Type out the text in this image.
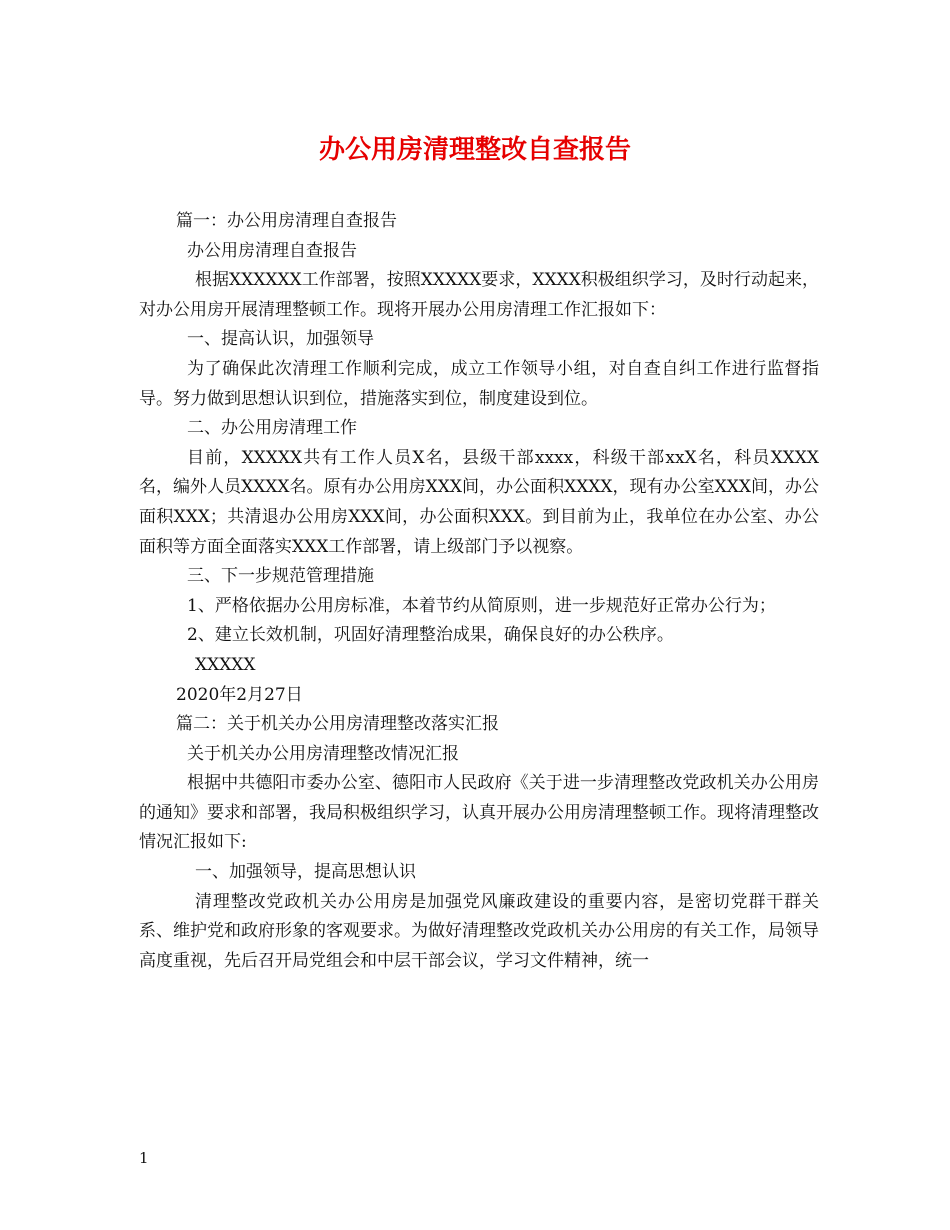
办公用房清理整改自查报告

篇一：办公用房清理自查报告

办公用房清理自查报告

根据XXXXXX工作部署，按照XXXXX要求，XXXX积极组织学习，及时行动起来，对办公用房开展清理整顿工作。现将开展办公用房清理工作汇报如下：

一、提高认识，加强领导

为了确保此次清理工作顺利完成，成立工作领导小组，对自查自纠工作进行监督指导。努力做到思想认识到位，措施落实到位，制度建设到位。

二、办公用房清理工作

目前，XXXXX共有工作人员X名，县级干部xxxx，科级干部xxX名，科员XXXX名，编外人员XXXX名。原有办公用房XXX间，办公面积XXXX，现有办公室XXX间，办公面积XXX；共清退办公用房XXX间，办公面积XXX。到目前为止，我单位在办公室、办公面积等方面全面落实XXX工作部署，请上级部门予以视察。

三、下一步规范管理措施

1、严格依据办公用房标准，本着节约从简原则，进一步规范好正常办公行为；

2、建立长效机制，巩固好清理整治成果，确保良好的办公秩序。

XXXXX

2020年2月27日

篇二：关于机关办公用房清理整改落实汇报

关于机关办公用房清理整改情况汇报

根据中共德阳市委办公室、德阳市人民政府《关于进一步清理整改党政机关办公用房的通知》要求和部署，我局积极组织学习，认真开展办公用房清理整顿工作。现将清理整改情况汇报如下:

一、加强领导，提高思想认识

清理整改党政机关办公用房是加强党风廉政建设的重要内容，是密切党群干群关系、维护党和政府形象的客观要求。为做好清理整改党政机关办公用房的有关工作，局领导高度重视，先后召开局党组会和中层干部会议，学习文件精神，统一

1
